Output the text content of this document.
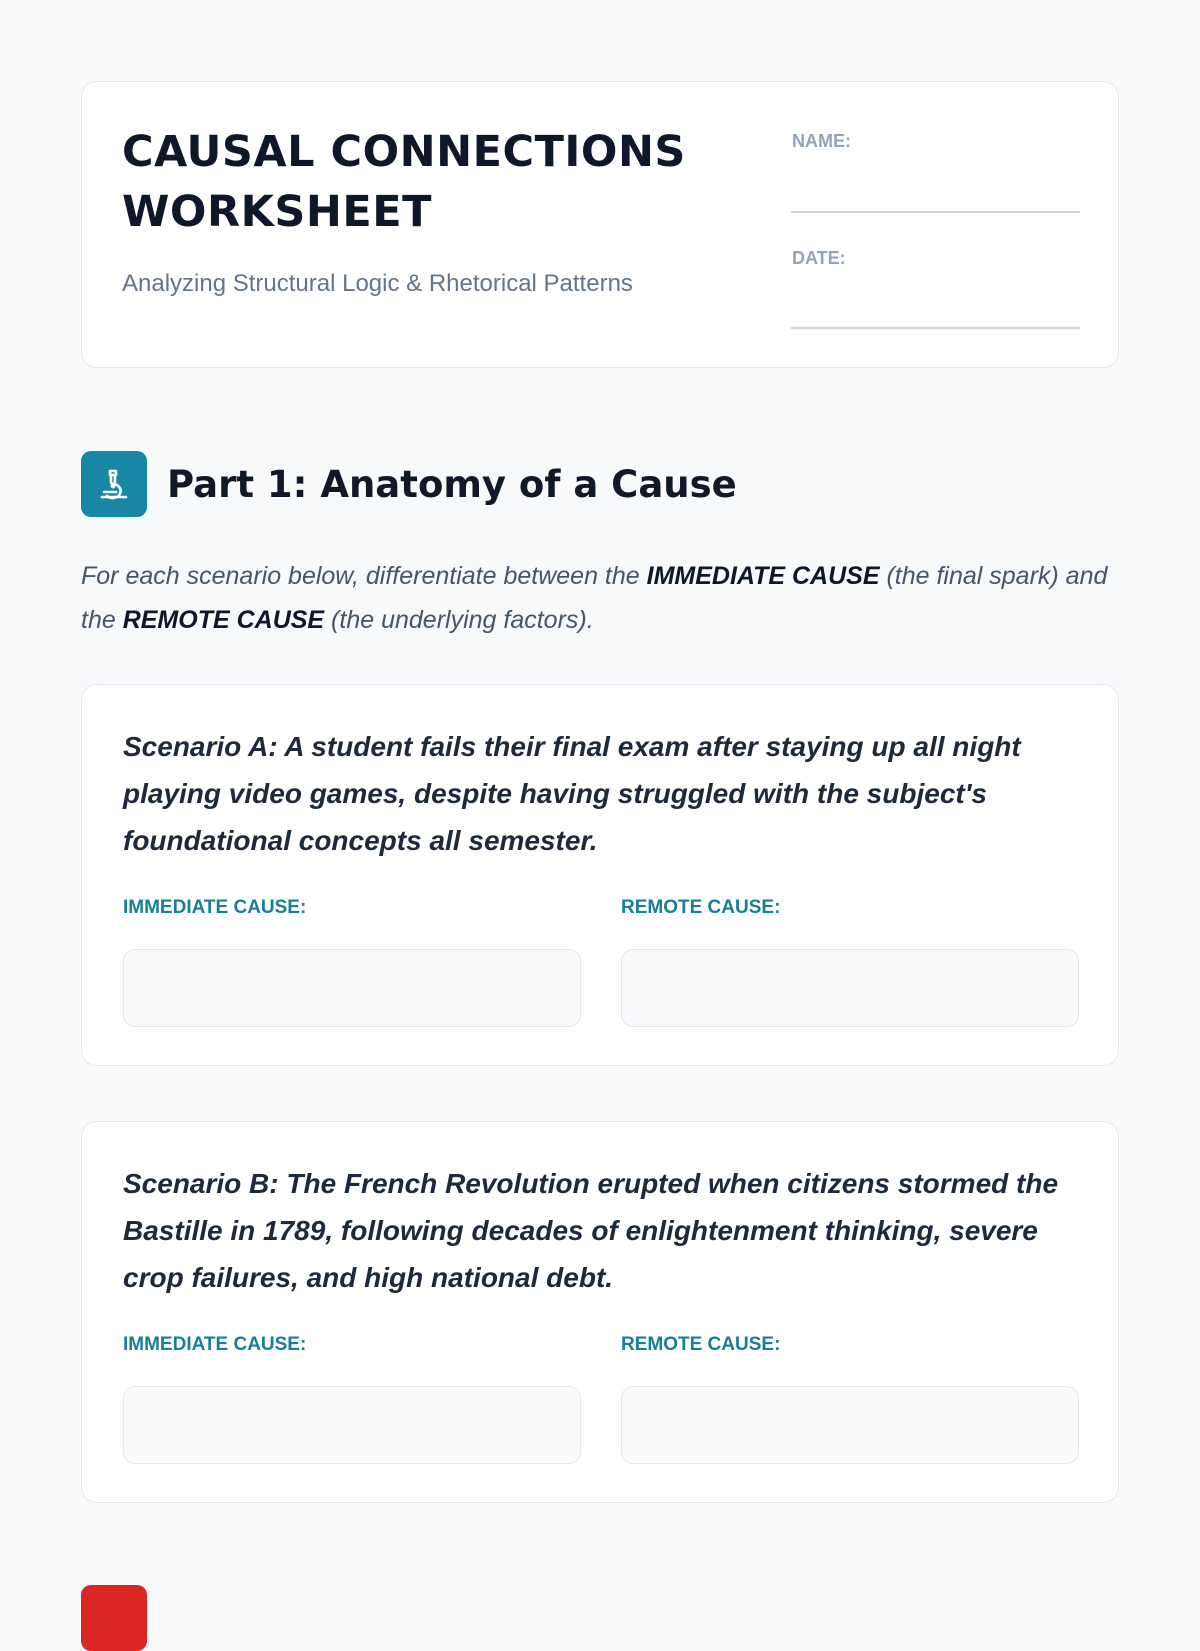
CAUSAL CONNECTIONS
WORKSHEET
Analyzing Structural Logic & Rhetorical Patterns
NAME:
DATE:
Part 1: Anatomy of a Cause

For each scenario below, differentiate between the IMMEDIATE CAUSE (the final spark) and the REMOTE CAUSE (the underlying factors).

Scenario A: A student fails their final exam after staying up all night playing video games, despite having struggled with the subject's foundational concepts all semester.

IMMEDIATE CAUSE:	REMOTE CAUSE:

Scenario B: The French Revolution erupted when citizens stormed the Bastille in 1789, following decades of enlightenment thinking, severe crop failures, and high national debt.

IMMEDIATE CAUSE:	REMOTE CAUSE:
